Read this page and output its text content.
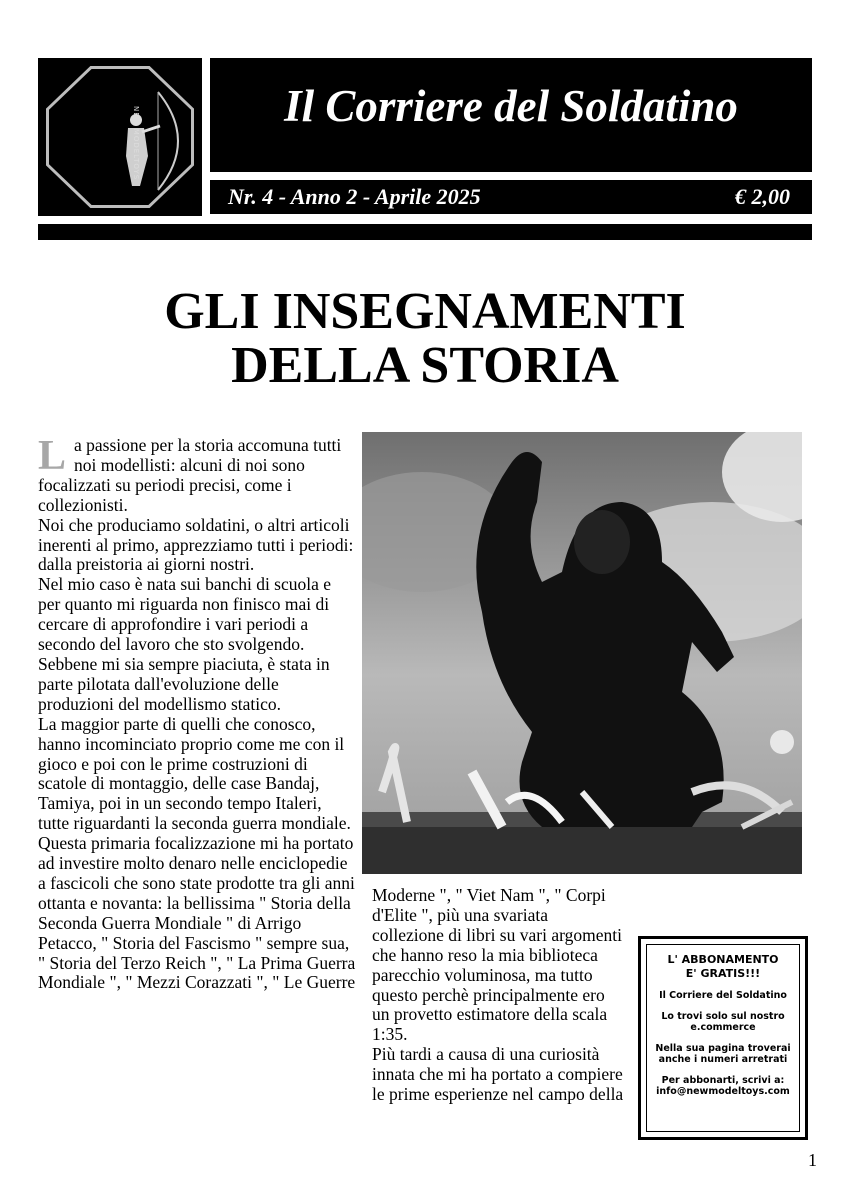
NEW MODELTOYS	Il Corriere del Soldatino
Nr. 4 - Anno 2 - Aprile 2025	€ 2,00
GLI INSEGNAMENTI
DELLA STORIA

La passione per la storia accomuna tutti noi modellisti: alcuni di noi sono focalizzati su periodi precisi, come i collezionisti.

Noi che produciamo soldatini, o altri articoli inerenti al primo, apprezziamo tutti i periodi: dalla preistoria ai giorni nostri.

Nel mio caso è nata sui banchi di scuola e per quanto mi riguarda non finisco mai di cercare di approfondire i vari periodi a secondo del lavoro che sto svolgendo.

Sebbene mi sia sempre piaciuta, è stata in parte pilotata dall'evoluzione delle produzioni del modellismo statico.

La maggior parte di quelli che conosco, hanno incominciato proprio come me con il gioco e poi con le prime costruzioni di scatole di montaggio, delle case Bandaj, Tamiya, poi in un secondo tempo Italeri, tutte riguardanti la seconda guerra mondiale.

Questa primaria focalizzazione mi ha portato ad investire molto denaro nelle enciclopedie a fascicoli che sono state prodotte tra gli anni ottanta e novanta: la bellissima " Storia della Seconda Guerra Mondiale " di Arrigo Petacco, " Storia del Fascismo " sempre sua, " Storia del Terzo Reich ", " La Prima Guerra Mondiale ", " Mezzi Corazzati ", " Le Guerre

Moderne ", " Viet Nam ", " Corpi d'Elite ", più una svariata collezione di libri su vari argomenti che hanno reso la mia biblioteca parecchio voluminosa, ma tutto questo perchè principalmente ero un provetto estimatore della scala 1:35.

Più tardi a causa di una curiosità innata che mi ha portato a compiere le prime esperienze nel campo della

L' ABBONAMENTO
E' GRATIS!!!
Il Corriere del Soldatino
Lo trovi solo sul nostro e.commerce
Nella sua pagina troverai anche i numeri arretrati
Per abbonarti, scrivi a: info@newmodeltoys.com
1
